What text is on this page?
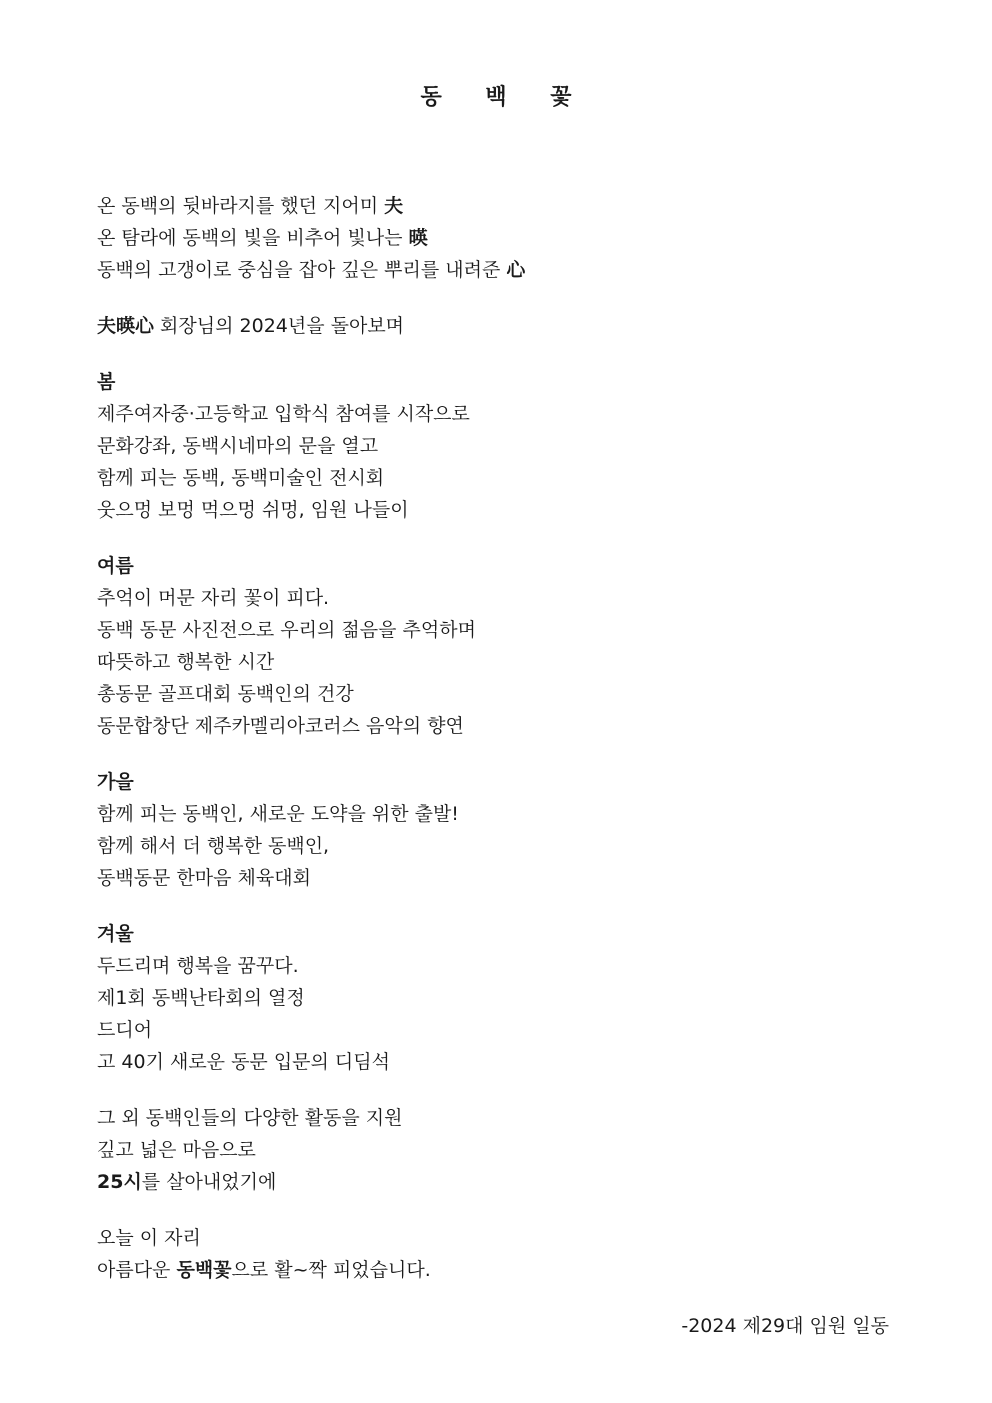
동 백 꽃
온 동백의 뒷바라지를 했던 지어미 夫
온 탐라에 동백의 빛을 비추어 빛나는 暎
동백의 고갱이로 중심을 잡아 깊은 뿌리를 내려준 心
夫暎心 회장님의 2024년을 돌아보며
봄
제주여자중·고등학교 입학식 참여를 시작으로
문화강좌, 동백시네마의 문을 열고
함께 피는 동백, 동백미술인 전시회
웃으멍 보멍 먹으멍 쉬멍, 임원 나들이
여름
추억이 머문 자리 꽃이 피다.
동백 동문 사진전으로 우리의 젊음을 추억하며
따뜻하고 행복한 시간
총동문 골프대회 동백인의 건강
동문합창단 제주카멜리아코러스 음악의 향연
가을
함께 피는 동백인, 새로운 도약을 위한 출발!
함께 해서 더 행복한 동백인,
동백동문 한마음 체육대회
겨울
두드리며 행복을 꿈꾸다.
제1회 동백난타회의 열정
드디어
고 40기 새로운 동문 입문의 디딤석
그 외 동백인들의 다양한 활동을 지원
깊고 넓은 마음으로
25시를 살아내었기에
오늘 이 자리
아름다운 동백꽃으로 활~짝 피었습니다.
-2024 제29대 임원 일동
